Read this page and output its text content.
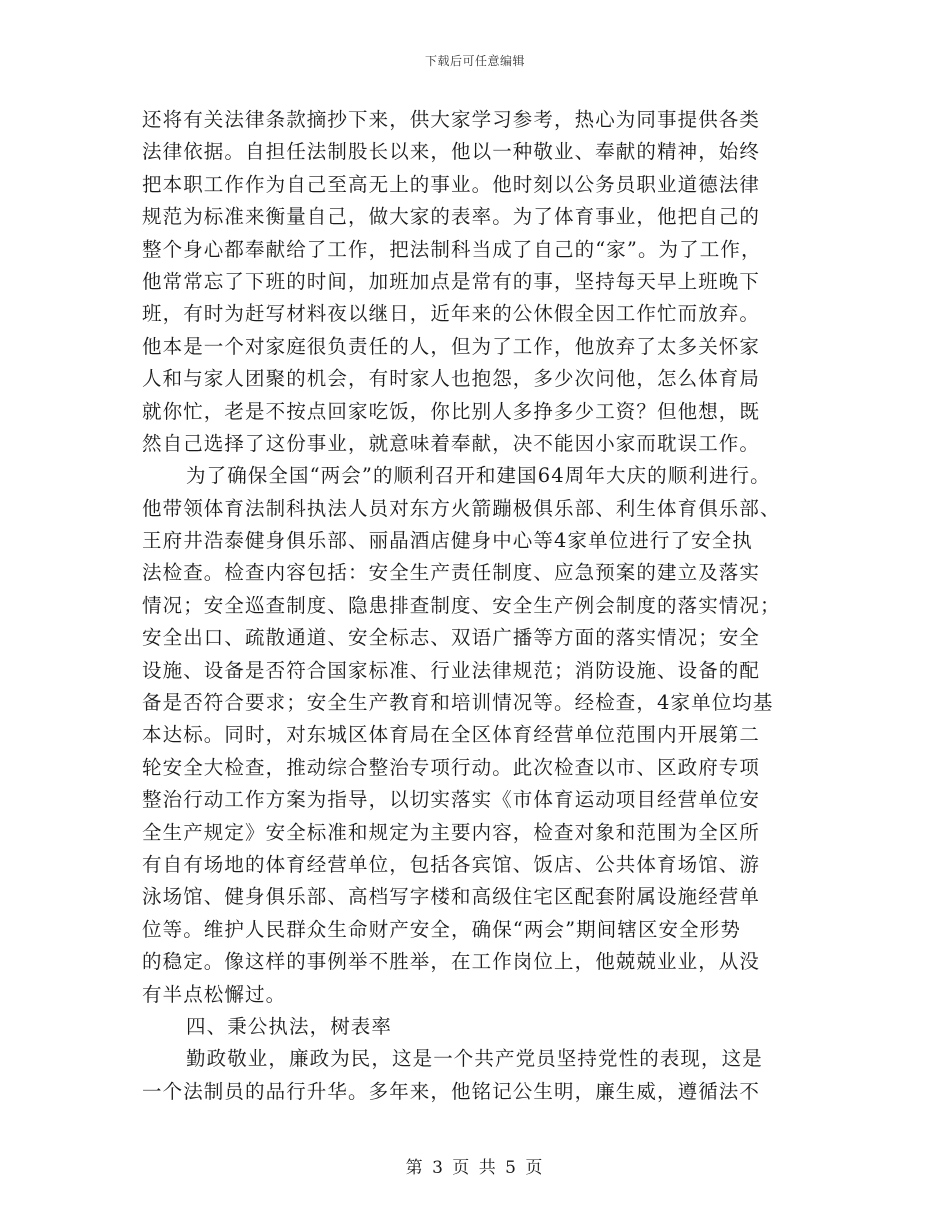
下载后可任意编辑
还将有关法律条款摘抄下来，供大家学习参考，热心为同事提供各类
法律依据。自担任法制股长以来，他以一种敬业、奉献的精神，始终
把本职工作作为自己至高无上的事业。他时刻以公务员职业道德法律
规范为标准来衡量自己，做大家的表率。为了体育事业，他把自己的
整个身心都奉献给了工作，把法制科当成了自己的“家”。为了工作，
他常常忘了下班的时间，加班加点是常有的事，坚持每天早上班晚下
班，有时为赶写材料夜以继日，近年来的公休假全因工作忙而放弃。
他本是一个对家庭很负责任的人，但为了工作，他放弃了太多关怀家
人和与家人团聚的机会，有时家人也抱怨，多少次问他，怎么体育局
就你忙，老是不按点回家吃饭，你比别人多挣多少工资？但他想，既
然自己选择了这份事业，就意味着奉献，决不能因小家而耽误工作。
为了确保全国“两会”的顺利召开和建国64周年大庆的顺利进行。
他带领体育法制科执法人员对东方火箭蹦极俱乐部、利生体育俱乐部、
王府井浩泰健身俱乐部、丽晶酒店健身中心等4家单位进行了安全执
法检查。检查内容包括：安全生产责任制度、应急预案的建立及落实
情况；安全巡查制度、隐患排查制度、安全生产例会制度的落实情况；
安全出口、疏散通道、安全标志、双语广播等方面的落实情况；安全
设施、设备是否符合国家标准、行业法律规范；消防设施、设备的配
备是否符合要求；安全生产教育和培训情况等。经检查，4家单位均基
本达标。同时，对东城区体育局在全区体育经营单位范围内开展第二
轮安全大检查，推动综合整治专项行动。此次检查以市、区政府专项
整治行动工作方案为指导，以切实落实《市体育运动项目经营单位安
全生产规定》安全标准和规定为主要内容，检查对象和范围为全区所
有自有场地的体育经营单位，包括各宾馆、饭店、公共体育场馆、游
泳场馆、健身俱乐部、高档写字楼和高级住宅区配套附属设施经营单
位等。维护人民群众生命财产安全，确保“两会”期间辖区安全形势
的稳定。像这样的事例举不胜举，在工作岗位上，他兢兢业业，从没
有半点松懈过。
四、秉公执法，树表率
勤政敬业，廉政为民，这是一个共产党员坚持党性的表现，这是
一个法制员的品行升华。多年来，他铭记公生明，廉生威，遵循法不
第 3 页 共 5 页
